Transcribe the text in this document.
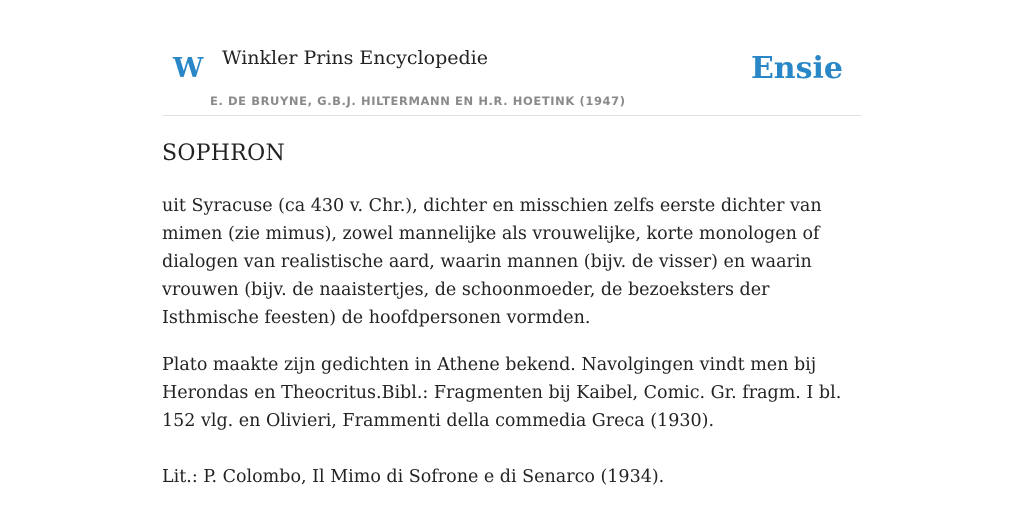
W Winkler Prins Encyclopedie
E. DE BRUYNE, G.B.J. HILTERMANN EN H.R. HOETINK (1947)
Ensie
SOPHRON

uit Syracuse (ca 430 v. Chr.), dichter en misschien zelfs eerste dichter van mimen (zie mimus), zowel mannelijke als vrouwelijke, korte monologen of dialogen van realistische aard, waarin mannen (bijv. de visser) en waarin vrouwen (bijv. de naaistertjes, de schoonmoeder, de bezoeksters der Isthmische feesten) de hoofdpersonen vormden.

Plato maakte zijn gedichten in Athene bekend. Navolgingen vindt men bij Herondas en Theocritus.Bibl.: Fragmenten bij Kaibel, Comic. Gr. fragm. I bl. 152 vlg. en Olivieri, Frammenti della commedia Greca (1930).

Lit.: P. Colombo, Il Mimo di Sofrone e di Senarco (1934).
